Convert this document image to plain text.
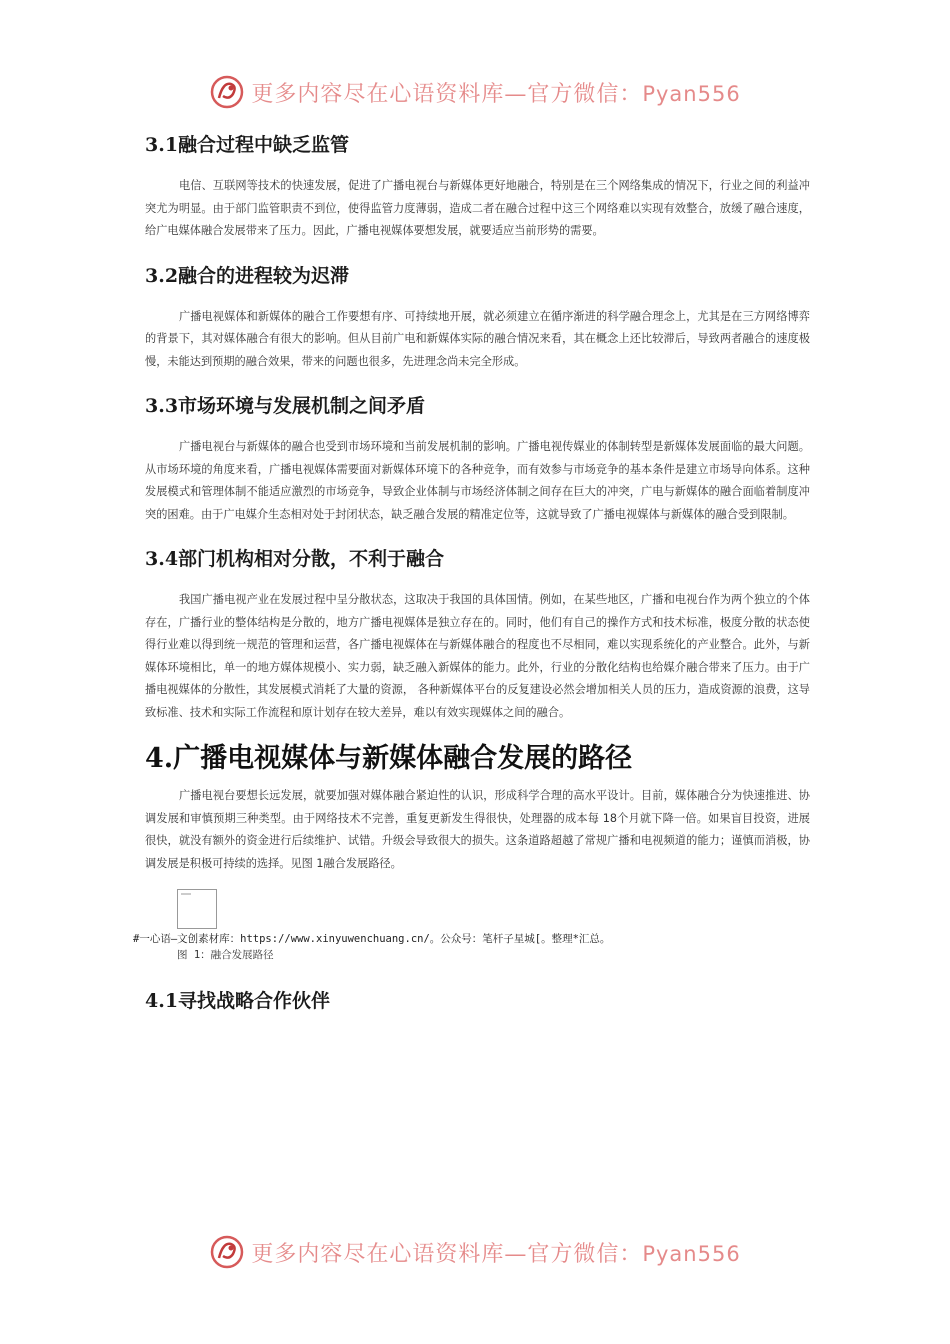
更多内容尽在心语资料库—官方微信：Pyan556
3.1融合过程中缺乏监管

电信、互联网等技术的快速发展，促进了广播电视台与新媒体更好地融合，特别是在三个网络集成的情况下，行业之间的利益冲突尤为明显。由于部门监管职责不到位，使得监管力度薄弱，造成二者在融合过程中这三个网络难以实现有效整合，放缓了融合速度，给广电媒体融合发展带来了压力。因此，广播电视媒体要想发展，就要适应当前形势的需要。

3.2融合的进程较为迟滞

广播电视媒体和新媒体的融合工作要想有序、可持续地开展，就必须建立在循序渐进的科学融合理念上，尤其是在三方网络博弈的背景下，其对媒体融合有很大的影响。但从目前广电和新媒体实际的融合情况来看，其在概念上还比较滞后，导致两者融合的速度极慢，未能达到预期的融合效果，带来的问题也很多，先进理念尚未完全形成。

3.3市场环境与发展机制之间矛盾

广播电视台与新媒体的融合也受到市场环境和当前发展机制的影响。广播电视传媒业的体制转型是新媒体发展面临的最大问题。从市场环境的角度来看，广播电视媒体需要面对新媒体环境下的各种竞争，而有效参与市场竞争的基本条件是建立市场导向体系。这种发展模式和管理体制不能适应激烈的市场竞争，导致企业体制与市场经济体制之间存在巨大的冲突，广电与新媒体的融合面临着制度冲突的困难。由于广电媒介生态相对处于封闭状态，缺乏融合发展的精准定位等，这就导致了广播电视媒体与新媒体的融合受到限制。

3.4部门机构相对分散，不利于融合

我国广播电视产业在发展过程中呈分散状态，这取决于我国的具体国情。例如，在某些地区，广播和电视台作为两个独立的个体存在，广播行业的整体结构是分散的，地方广播电视媒体是独立存在的。同时，他们有自己的操作方式和技术标准，极度分散的状态使得行业难以得到统一规范的管理和运营，各广播电视媒体在与新媒体融合的程度也不尽相同，难以实现系统化的产业整合。此外，与新媒体环境相比，单一的地方媒体规模小、实力弱，缺乏融入新媒体的能力。此外，行业的分散化结构也给媒介融合带来了压力。由于广播电视媒体的分散性，其发展模式消耗了大量的资源， 各种新媒体平台的反复建设必然会增加相关人员的压力，造成资源的浪费，这导致标准、技术和实际工作流程和原计划存在较大差异，难以有效实现媒体之间的融合。

4.广播电视媒体与新媒体融合发展的路径

广播电视台要想长远发展，就要加强对媒体融合紧迫性的认识，形成科学合理的高水平设计。目前，媒体融合分为快速推进、协调发展和审慎预期三种类型。由于网络技术不完善，重复更新发生得很快，处理器的成本每 18个月就下降一倍。如果盲目投资，进展很快，就没有额外的资金进行后续维护、试错。升级会导致很大的损失。这条道路超越了常规广播和电视频道的能力；谨慎而消极，协调发展是积极可持续的选择。见图 1融合发展路径。

#一心语—文创素材库：https://www.xinyuwenchuang.cn/。公众号：笔杆子星城[。整理*汇总。
图 1：融合发展路径
4.1寻找战略合作伙伴
更多内容尽在心语资料库—官方微信：Pyan556
